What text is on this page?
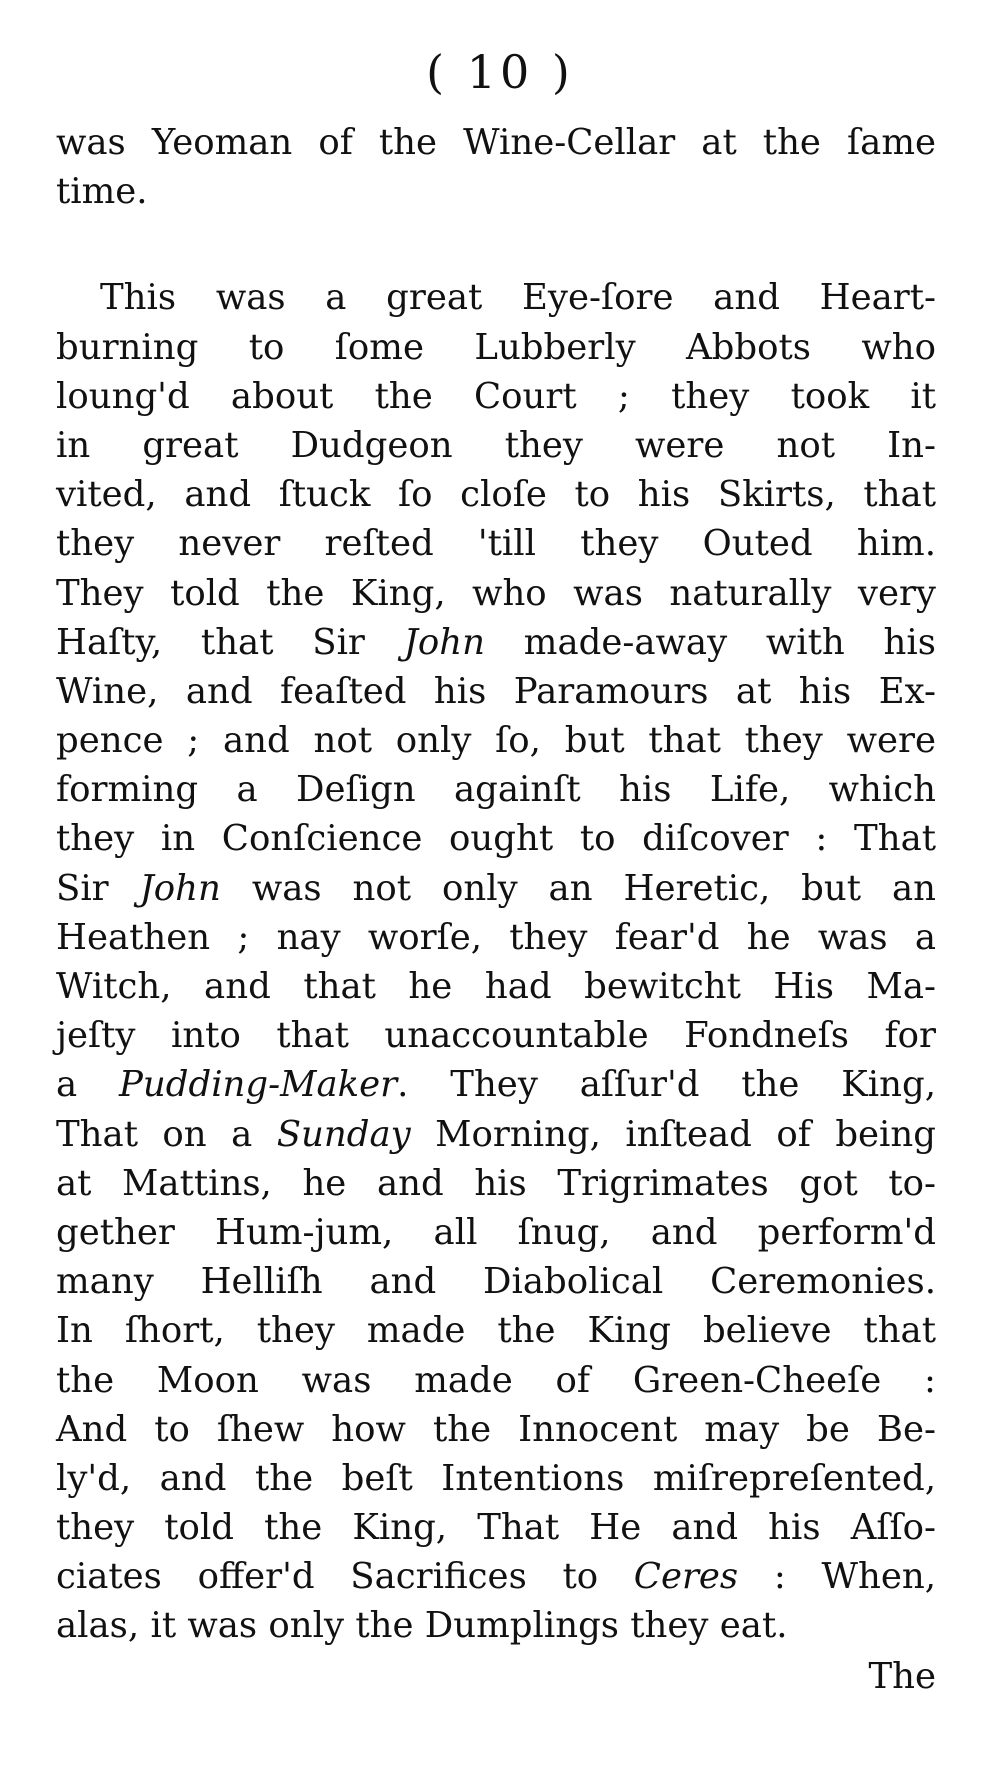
( 10 )
was Yeoman of the Wine-Cellar at the ſame
time.
This was a great Eye-ſore and Heart-
burning to ſome Lubberly Abbots who
loung'd about the Court ; they took it
in great Dudgeon they were not In-
vited, and ſtuck ſo cloſe to his Skirts, that
they never reſted 'till they Outed him.
They told the King, who was naturally very
Haſty, that Sir John made-away with his
Wine, and feaſted his Paramours at his Ex-
pence ; and not only ſo, but that they were
forming a Deſign againſt his Life, which
they in Conſcience ought to diſcover : That
Sir John was not only an Heretic, but an
Heathen ; nay worſe, they fear'd he was a
Witch, and that he had bewitcht His Ma-
jeſty into that unaccountable Fondneſs for
a Pudding-Maker. They aſſur'd the King,
That on a Sunday Morning, inſtead of being
at Mattins, he and his Trigrimates got to-
gether Hum-jum, all ſnug, and perform'd
many Helliſh and Diabolical Ceremonies.
In ſhort, they made the King believe that
the Moon was made of Green-Cheeſe :
And to ſhew how the Innocent may be Be-
ly'd, and the beſt Intentions miſrepreſented,
they told the King, That He and his Aſſo-
ciates offer'd Sacrifices to Ceres : When,
alas, it was only the Dumplings they eat.
The
